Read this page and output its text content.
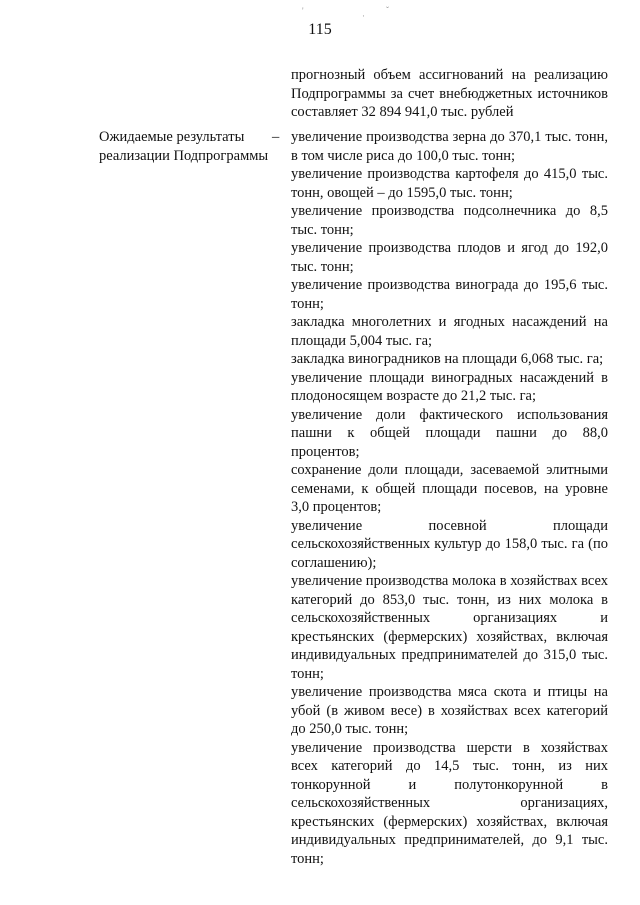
'	·
ˇ
115
прогнозный объем ассигнований на реализацию Подпрограммы за счет внебюджетных источников составляет 32 894 941,0 тыс. рублей
Ожидаемые результаты реализации Подпрограммы
– увеличение производства зерна до 370,1 тыс. тонн, в том числе риса до 100,0 тыс. тонн;

увеличение производства картофеля до 415,0 тыс. тонн, овощей – до 1595,0 тыс. тонн;

увеличение производства подсолнечника до 8,5 тыс. тонн;

увеличение производства плодов и ягод до 192,0 тыс. тонн;

увеличение производства винограда до 195,6 тыс. тонн;

закладка многолетних и ягодных насаждений на площади 5,004 тыс. га;

закладка виноградников на площади 6,068 тыс. га;

увеличение площади виноградных насаждений в плодоносящем возрасте до 21,2 тыс. га;

увеличение доли фактического использования пашни к общей площади пашни до 88,0 процентов;

сохранение доли площади, засеваемой элитными семенами, к общей площади посевов, на уровне 3,0 процентов;

увеличение посевной площади сельскохозяйственных культур до 158,0 тыс. га (по соглашению);

увеличение производства молока в хозяйствах всех категорий до 853,0 тыс. тонн, из них молока в сельскохозяйственных организациях и крестьянских (фермерских) хозяйствах, включая индивидуальных предпринимателей до 315,0 тыс. тонн;

увеличение производства мяса скота и птицы на убой (в живом весе) в хозяйствах всех категорий до 250,0 тыс. тонн;

увеличение производства шерсти в хозяйствах всех категорий до 14,5 тыс. тонн, из них тонкорунной и полутонкорунной в сельскохозяйственных организациях, крестьянских (фермерских) хозяйствах, включая индивидуальных предпринимателей, до 9,1 тыс. тонн;
